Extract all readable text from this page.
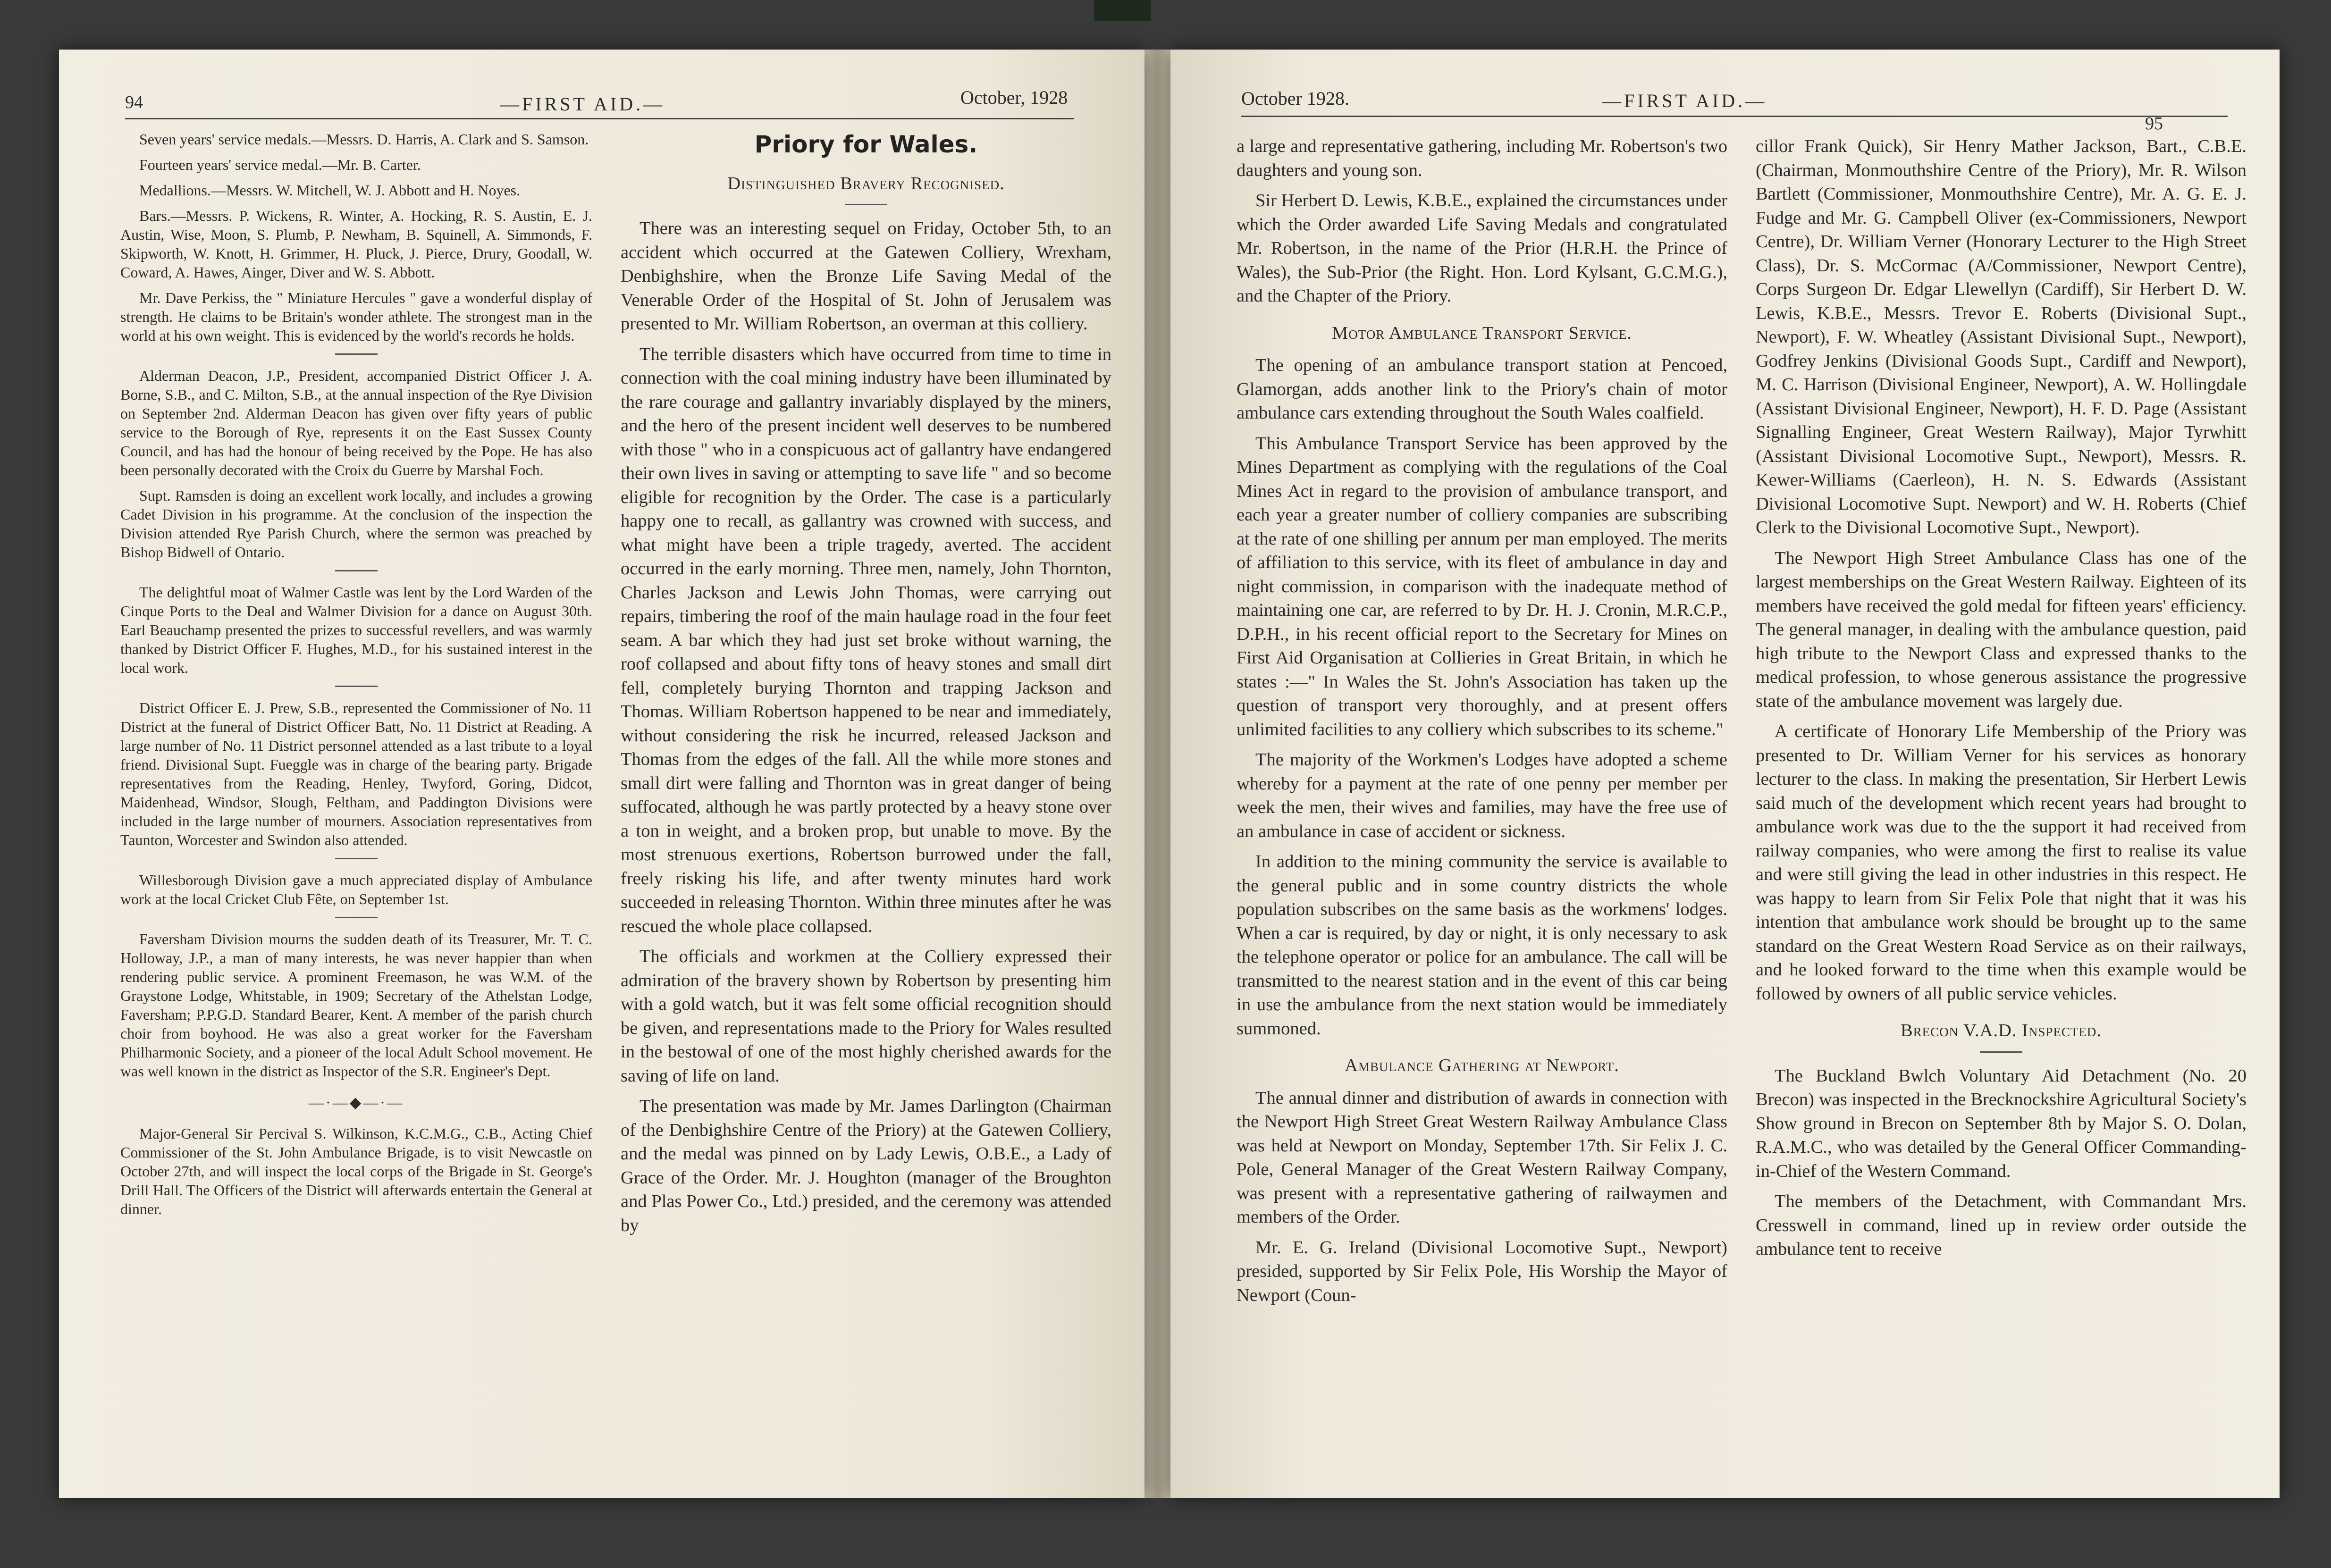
94	—FIRST AID.—	October, 1928

Seven years' service medals.—Messrs. D. Harris, A. Clark and S. Samson.

Fourteen years' service medal.—Mr. B. Carter.

Medallions.—Messrs. W. Mitchell, W. J. Abbott and H. Noyes.

Bars.—Messrs. P. Wickens, R. Winter, A. Hocking, R. S. Austin, E. J. Austin, Wise, Moon, S. Plumb, P. Newham, B. Squinell, A. Simmonds, F. Skipworth, W. Knott, H. Grimmer, H. Pluck, J. Pierce, Drury, Goodall, W. Coward, A. Hawes, Ainger, Diver and W. S. Abbott.

Mr. Dave Perkiss, the " Miniature Hercules " gave a wonderful display of strength. He claims to be Britain's wonder athlete. The strongest man in the world at his own weight. This is evidenced by the world's records he holds.

Alderman Deacon, J.P., President, accompanied District Officer J. A. Borne, S.B., and C. Milton, S.B., at the annual inspection of the Rye Division on September 2nd. Alderman Deacon has given over fifty years of public service to the Borough of Rye, represents it on the East Sussex County Council, and has had the honour of being received by the Pope. He has also been personally decorated with the Croix du Guerre by Marshal Foch.

Supt. Ramsden is doing an excellent work locally, and includes a growing Cadet Division in his programme. At the conclusion of the inspection the Division attended Rye Parish Church, where the sermon was preached by Bishop Bidwell of Ontario.

The delightful moat of Walmer Castle was lent by the Lord Warden of the Cinque Ports to the Deal and Walmer Division for a dance on August 30th. Earl Beauchamp presented the prizes to successful revellers, and was warmly thanked by District Officer F. Hughes, M.D., for his sustained interest in the local work.

District Officer E. J. Prew, S.B., represented the Commissioner of No. 11 District at the funeral of District Officer Batt, No. 11 District at Reading. A large number of No. 11 District personnel attended as a last tribute to a loyal friend. Divisional Supt. Fueggle was in charge of the bearing party. Brigade representatives from the Reading, Henley, Twyford, Goring, Didcot, Maidenhead, Windsor, Slough, Feltham, and Paddington Divisions were included in the large number of mourners. Association representatives from Taunton, Worcester and Swindon also attended.

Willesborough Division gave a much appreciated display of Ambulance work at the local Cricket Club Fête, on September 1st.

Faversham Division mourns the sudden death of its Treasurer, Mr. T. C. Holloway, J.P., a man of many interests, he was never happier than when rendering public service. A prominent Freemason, he was W.M. of the Graystone Lodge, Whitstable, in 1909; Secretary of the Athelstan Lodge, Faversham; P.P.G.D. Standard Bearer, Kent. A member of the parish church choir from boyhood. He was also a great worker for the Faversham Philharmonic Society, and a pioneer of the local Adult School movement. He was well known in the district as Inspector of the S.R. Engineer's Dept.

—·—◆—·—

Major-General Sir Percival S. Wilkinson, K.C.M.G., C.B., Acting Chief Commissioner of the St. John Ambulance Brigade, is to visit Newcastle on October 27th, and will inspect the local corps of the Brigade in St. George's Drill Hall. The Officers of the District will afterwards entertain the General at dinner.

Priory for Wales.
Distinguished Bravery Recognised.

There was an interesting sequel on Friday, October 5th, to an accident which occurred at the Gatewen Colliery, Wrexham, Denbighshire, when the Bronze Life Saving Medal of the Venerable Order of the Hospital of St. John of Jerusalem was presented to Mr. William Robertson, an overman at this colliery.

The terrible disasters which have occurred from time to time in connection with the coal mining industry have been illuminated by the rare courage and gallantry invariably displayed by the miners, and the hero of the present incident well deserves to be numbered with those " who in a conspicuous act of gallantry have endangered their own lives in saving or attempting to save life " and so become eligible for recognition by the Order. The case is a particularly happy one to recall, as gallantry was crowned with success, and what might have been a triple tragedy, averted. The accident occurred in the early morning. Three men, namely, John Thornton, Charles Jackson and Lewis John Thomas, were carrying out repairs, timbering the roof of the main haulage road in the four feet seam. A bar which they had just set broke without warning, the roof collapsed and about fifty tons of heavy stones and small dirt fell, completely burying Thornton and trapping Jackson and Thomas. William Robertson happened to be near and immediately, without considering the risk he incurred, released Jackson and Thomas from the edges of the fall. All the while more stones and small dirt were falling and Thornton was in great danger of being suffocated, although he was partly protected by a heavy stone over a ton in weight, and a broken prop, but unable to move. By the most strenuous exertions, Robertson burrowed under the fall, freely risking his life, and after twenty minutes hard work succeeded in releasing Thornton. Within three minutes after he was rescued the whole place collapsed.

The officials and workmen at the Colliery expressed their admiration of the bravery shown by Robertson by presenting him with a gold watch, but it was felt some official recognition should be given, and representations made to the Priory for Wales resulted in the bestowal of one of the most highly cherished awards for the saving of life on land.

The presentation was made by Mr. James Darlington (Chairman of the Denbighshire Centre of the Priory) at the Gatewen Colliery, and the medal was pinned on by Lady Lewis, O.B.E., a Lady of Grace of the Order. Mr. J. Houghton (manager of the Broughton and Plas Power Co., Ltd.) presided, and the ceremony was attended by

October 1928.	—FIRST AID.—
95

a large and representative gathering, including Mr. Robertson's two daughters and young son.

Sir Herbert D. Lewis, K.B.E., explained the circumstances under which the Order awarded Life Saving Medals and congratulated Mr. Robertson, in the name of the Prior (H.R.H. the Prince of Wales), the Sub-Prior (the Right. Hon. Lord Kylsant, G.C.M.G.), and the Chapter of the Priory.

Motor Ambulance Transport Service.

The opening of an ambulance transport station at Pencoed, Glamorgan, adds another link to the Priory's chain of motor ambulance cars extending throughout the South Wales coalfield.

This Ambulance Transport Service has been approved by the Mines Department as complying with the regulations of the Coal Mines Act in regard to the provision of ambulance transport, and each year a greater number of colliery companies are subscribing at the rate of one shilling per annum per man employed. The merits of affiliation to this service, with its fleet of ambulance in day and night commission, in comparison with the inadequate method of maintaining one car, are referred to by Dr. H. J. Cronin, M.R.C.P., D.P.H., in his recent official report to the Secretary for Mines on First Aid Organisation at Collieries in Great Britain, in which he states :—" In Wales the St. John's Association has taken up the question of transport very thoroughly, and at present offers unlimited facilities to any colliery which subscribes to its scheme."

The majority of the Workmen's Lodges have adopted a scheme whereby for a payment at the rate of one penny per member per week the men, their wives and families, may have the free use of an ambulance in case of accident or sickness.

In addition to the mining community the service is available to the general public and in some country districts the whole population subscribes on the same basis as the workmens' lodges. When a car is required, by day or night, it is only necessary to ask the telephone operator or police for an ambulance. The call will be transmitted to the nearest station and in the event of this car being in use the ambulance from the next station would be immediately summoned.

Ambulance Gathering at Newport.

The annual dinner and distribution of awards in connection with the Newport High Street Great Western Railway Ambulance Class was held at Newport on Monday, September 17th. Sir Felix J. C. Pole, General Manager of the Great Western Railway Company, was present with a representative gathering of railwaymen and members of the Order.

Mr. E. G. Ireland (Divisional Locomotive Supt., Newport) presided, supported by Sir Felix Pole, His Worship the Mayor of Newport (Coun-

cillor Frank Quick), Sir Henry Mather Jackson, Bart., C.B.E. (Chairman, Monmouthshire Centre of the Priory), Mr. R. Wilson Bartlett (Commissioner, Monmouthshire Centre), Mr. A. G. E. J. Fudge and Mr. G. Campbell Oliver (ex-Commissioners, Newport Centre), Dr. William Verner (Honorary Lecturer to the High Street Class), Dr. S. McCormac (A/Commissioner, Newport Centre), Corps Surgeon Dr. Edgar Llewellyn (Cardiff), Sir Herbert D. W. Lewis, K.B.E., Messrs. Trevor E. Roberts (Divisional Supt., Newport), F. W. Wheatley (Assistant Divisional Supt., Newport), Godfrey Jenkins (Divisional Goods Supt., Cardiff and Newport), M. C. Harrison (Divisional Engineer, Newport), A. W. Hollingdale (Assistant Divisional Engineer, Newport), H. F. D. Page (Assistant Signalling Engineer, Great Western Railway), Major Tyrwhitt (Assistant Divisional Locomotive Supt., Newport), Messrs. R. Kewer-Williams (Caerleon), H. N. S. Edwards (Assistant Divisional Locomotive Supt. Newport) and W. H. Roberts (Chief Clerk to the Divisional Locomotive Supt., Newport).

The Newport High Street Ambulance Class has one of the largest memberships on the Great Western Railway. Eighteen of its members have received the gold medal for fifteen years' efficiency. The general manager, in dealing with the ambulance question, paid high tribute to the Newport Class and expressed thanks to the medical profession, to whose generous assistance the progressive state of the ambulance movement was largely due.

A certificate of Honorary Life Membership of the Priory was presented to Dr. William Verner for his services as honorary lecturer to the class. In making the presentation, Sir Herbert Lewis said much of the development which recent years had brought to ambulance work was due to the the support it had received from railway companies, who were among the first to realise its value and were still giving the lead in other industries in this respect. He was happy to learn from Sir Felix Pole that night that it was his intention that ambulance work should be brought up to the same standard on the Great Western Road Service as on their railways, and he looked forward to the time when this example would be followed by owners of all public service vehicles.

Brecon V.A.D. Inspected.

The Buckland Bwlch Voluntary Aid Detachment (No. 20 Brecon) was inspected in the Brecknockshire Agricultural Society's Show ground in Brecon on September 8th by Major S. O. Dolan, R.A.M.C., who was detailed by the General Officer Commanding-in-Chief of the Western Command.

The members of the Detachment, with Commandant Mrs. Cresswell in command, lined up in review order outside the ambulance tent to receive
